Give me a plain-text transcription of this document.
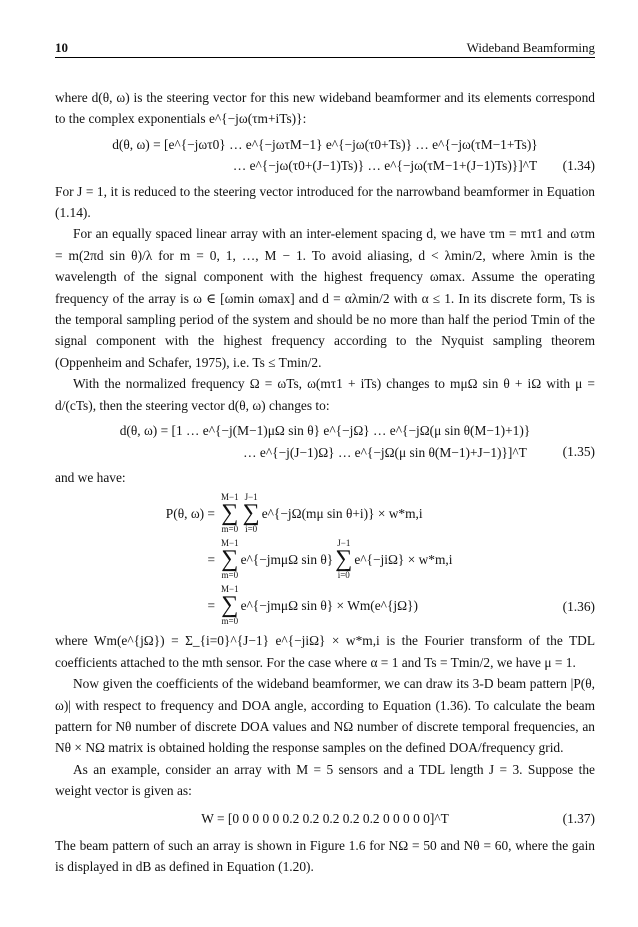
10	Wideband Beamforming

where d(θ, ω) is the steering vector for this new wideband beamformer and its elements correspond to the complex exponentials e^{−jω(τm+iTs)}:

d(θ, ω) = [e^{−jωτ0} … e^{−jωτM−1} e^{−jω(τ0+Ts)} … e^{−jω(τM−1+Ts)}
… e^{−jω(τ0+(J−1)Ts)} … e^{−jω(τM−1+(J−1)Ts)}]^T	(1.34)

For J = 1, it is reduced to the steering vector introduced for the narrowband beamformer in Equation (1.14).

For an equally spaced linear array with an inter-element spacing d, we have τm = mτ1 and ωτm = m(2πd sin θ)/λ for m = 0, 1, …, M − 1. To avoid aliasing, d < λmin/2, where λmin is the wavelength of the signal component with the highest frequency ωmax. Assume the operating frequency of the array is ω ∈ [ωmin ωmax] and d = αλmin/2 with α ≤ 1. In its discrete form, Ts is the temporal sampling period of the system and should be no more than half the period Tmin of the signal component with the highest frequency according to the Nyquist sampling theorem (Oppenheim and Schafer, 1975), i.e. Ts ≤ Tmin/2.

With the normalized frequency Ω = ωTs, ω(mτ1 + iTs) changes to mμΩ sin θ + iΩ with μ = d/(cTs), then the steering vector d(θ, ω) changes to:

d(θ, ω) = [1 … e^{−j(M−1)μΩ sin θ} e^{−jΩ} … e^{−jΩ(μ sin θ(M−1)+1)}
… e^{−j(J−1)Ω} … e^{−jΩ(μ sin θ(M−1)+J−1)}]^T	(1.35)

and we have:

P(θ, ω) =
M−1
∑
m=0
J−1
∑
i=0
e^{−jΩ(mμ sin θ+i)} × w*m,i
=
M−1
∑
m=0
e^{−jmμΩ sin θ}
J−1
∑
i=0
e^{−jiΩ} × w*m,i
=
M−1
∑
m=0
e^{−jmμΩ sin θ} × Wm(e^{jΩ})	(1.36)

where Wm(e^{jΩ}) = Σ_{i=0}^{J−1} e^{−jiΩ} × w*m,i is the Fourier transform of the TDL coefficients attached to the mth sensor. For the case where α = 1 and Ts = Tmin/2, we have μ = 1.

Now given the coefficients of the wideband beamformer, we can draw its 3-D beam pattern |P(θ, ω)| with respect to frequency and DOA angle, according to Equation (1.36). To calculate the beam pattern for Nθ number of discrete DOA values and NΩ number of discrete temporal frequencies, an Nθ × NΩ matrix is obtained holding the response samples on the defined DOA/frequency grid.

As an example, consider an array with M = 5 sensors and a TDL length J = 3. Suppose the weight vector is given as:

W = [0 0 0 0 0 0.2 0.2 0.2 0.2 0.2 0 0 0 0 0]^T	(1.37)

The beam pattern of such an array is shown in Figure 1.6 for NΩ = 50 and Nθ = 60, where the gain is displayed in dB as defined in Equation (1.20).
